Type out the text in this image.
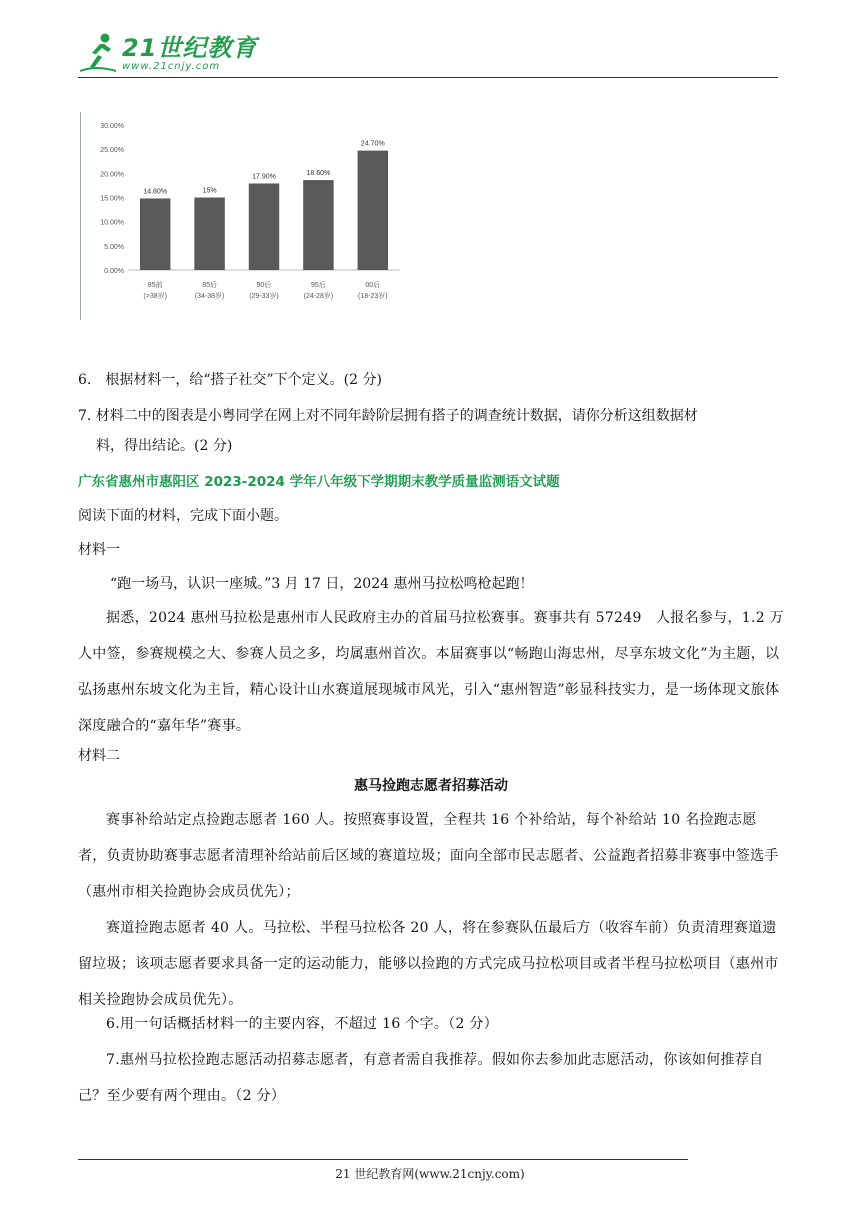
21世纪教育
www.21cnjy.com
0.00%
5.00%
10.00%
15.00%
20.00%
25.00%
30.00%
14.80%
85前
(>38岁)
15%
85后
(34-38岁)
17.90%
90后
(29-33岁)
18.60%
95后
(24-28岁)
24.70%
00后
(18-23岁)
6.　根据材料一，给“搭子社交”下个定义。(2 分)
7. 材料二中的图表是小粤同学在网上对不同年龄阶层拥有搭子的调查统计数据，请你分析这组数据材
料，得出结论。(2 分)
广东省惠州市惠阳区 2023-2024 学年八年级下学期期末教学质量监测语文试题
阅读下面的材料，完成下面小题。
材料一
“跑一场马，认识一座城。”3 月 17 日，2024 惠州马拉松鸣枪起跑！
据悉，2024 惠州马拉松是惠州市人民政府主办的首届马拉松赛事。赛事共有 57249　人报名参与，1.2 万人中签，参赛规模之大、参赛人员之多，均属惠州首次。本届赛事以“畅跑山海忠州，尽享东坡文化”为主题，以弘扬惠州东坡文化为主旨，精心设计山水赛道展现城市风光，引入“惠州智造”彰显科技实力，是一场体现文旅体深度融合的“嘉年华”赛事。
材料二
惠马捡跑志愿者招募活动
赛事补给站定点捡跑志愿者 160 人。按照赛事设置，全程共 16 个补给站，每个补给站 10 名捡跑志愿者，负责协助赛事志愿者清理补给站前后区域的赛道垃圾；面向全部市民志愿者、公益跑者招募非赛事中签选手（惠州市相关捡跑协会成员优先）；
赛道捡跑志愿者 40 人。马拉松、半程马拉松各 20 人，将在参赛队伍最后方（收容车前）负责清理赛道遗留垃圾；该项志愿者要求具备一定的运动能力，能够以捡跑的方式完成马拉松项目或者半程马拉松项目（惠州市相关捡跑协会成员优先）。
6.用一句话概括材料一的主要内容，不超过 16 个字。（2 分）
7.惠州马拉松捡跑志愿活动招募志愿者，有意者需自我推荐。假如你去参加此志愿活动，你该如何推荐自己？至少要有两个理由。（2 分）
21 世纪教育网(www.21cnjy.com)
